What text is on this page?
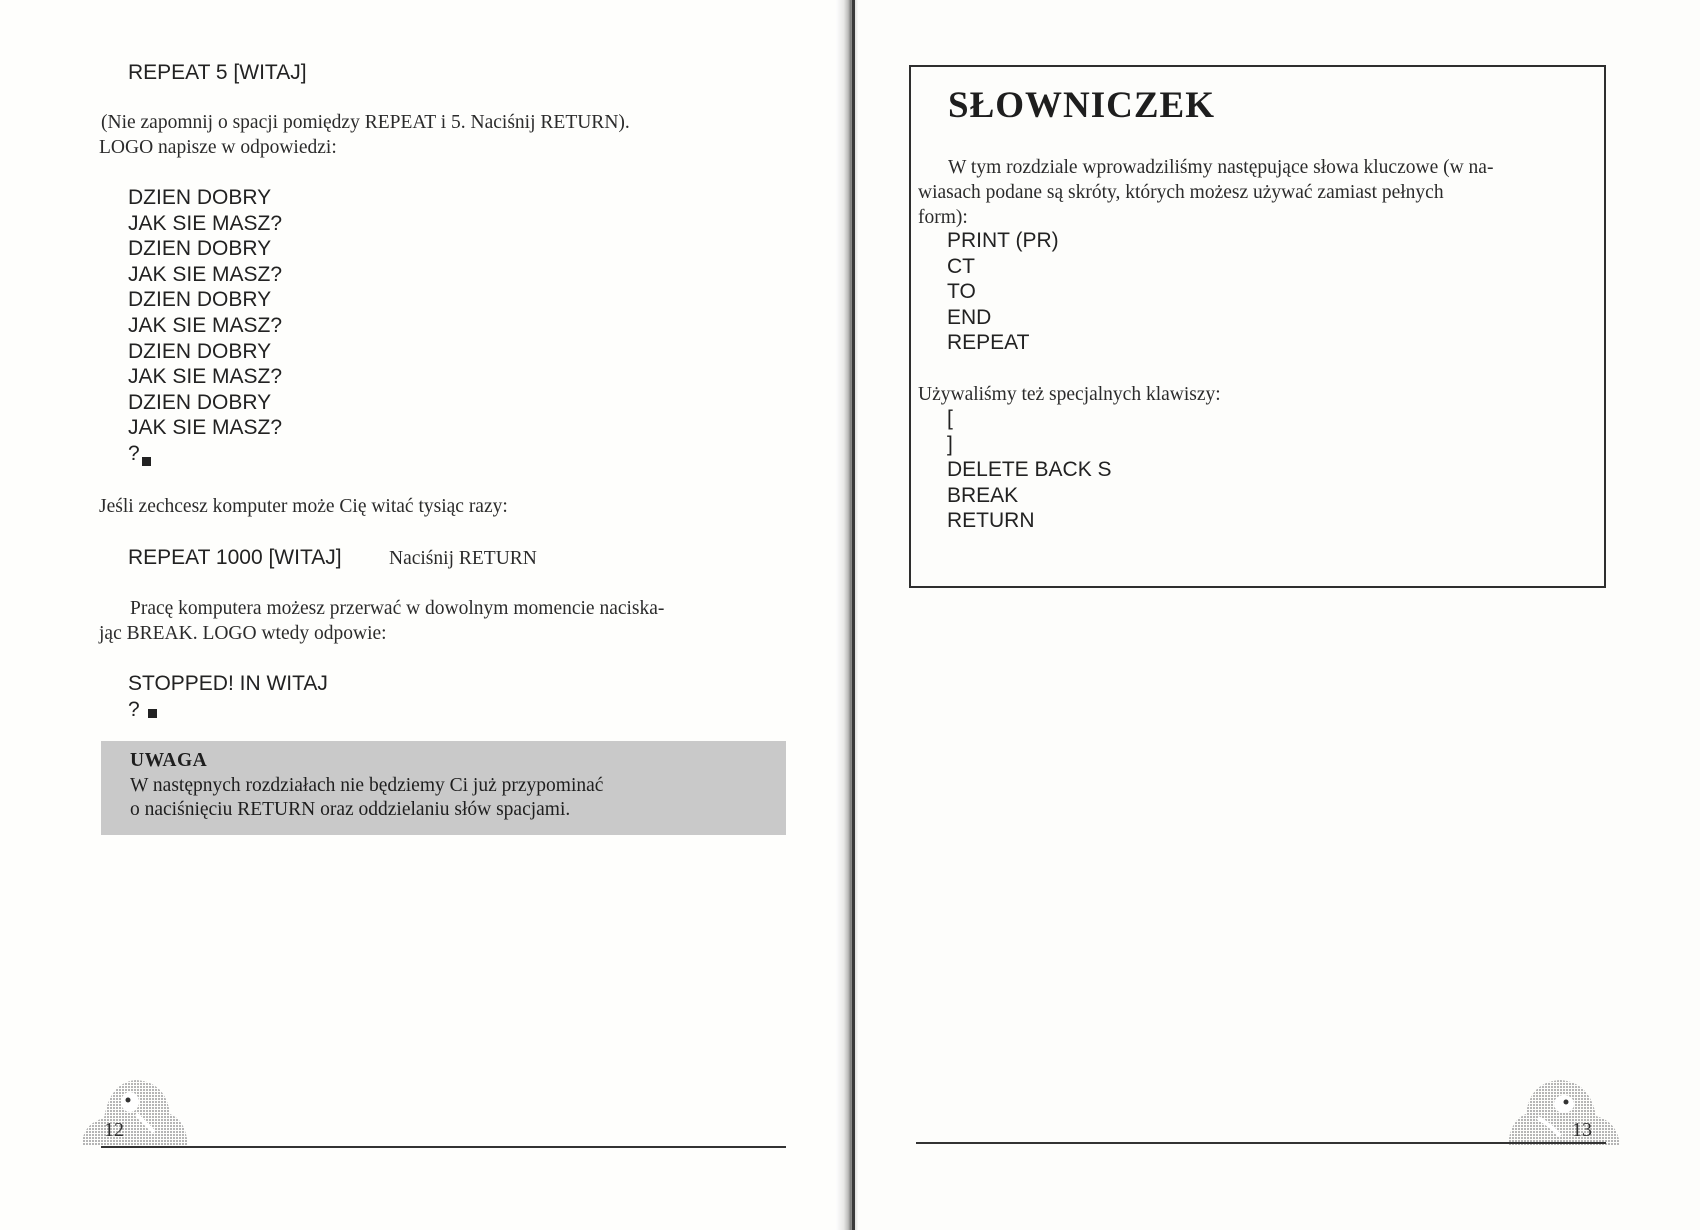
REPEAT 5 [WITAJ]
(Nie zapomnij o spacji pomiędzy REPEAT i 5. Naciśnij RETURN).
LOGO napisze w odpowiedzi:
DZIEN DOBRY
JAK SIE MASZ?
DZIEN DOBRY
JAK SIE MASZ?
DZIEN DOBRY
JAK SIE MASZ?
DZIEN DOBRY
JAK SIE MASZ?
DZIEN DOBRY
JAK SIE MASZ?
?
Jeśli zechcesz komputer może Cię witać tysiąc razy:
REPEAT 1000 [WITAJ] Naciśnij RETURN
Pracę komputera możesz przerwać w dowolnym momencie naciska-
jąc BREAK. LOGO wtedy odpowie:
STOPPED! IN WITAJ
?
UWAGA
W następnych rozdziałach nie będziemy Ci już przypominać
o naciśnięciu RETURN oraz oddzielaniu słów spacjami.
12
SŁOWNICZEK
W tym rozdziale wprowadziliśmy następujące słowa kluczowe (w na-
wiasach podane są skróty, których możesz używać zamiast pełnych
form):
PRINT (PR)
CT
TO
END
REPEAT
Używaliśmy też specjalnych klawiszy:
[
]
DELETE BACK S
BREAK
RETURN
13
